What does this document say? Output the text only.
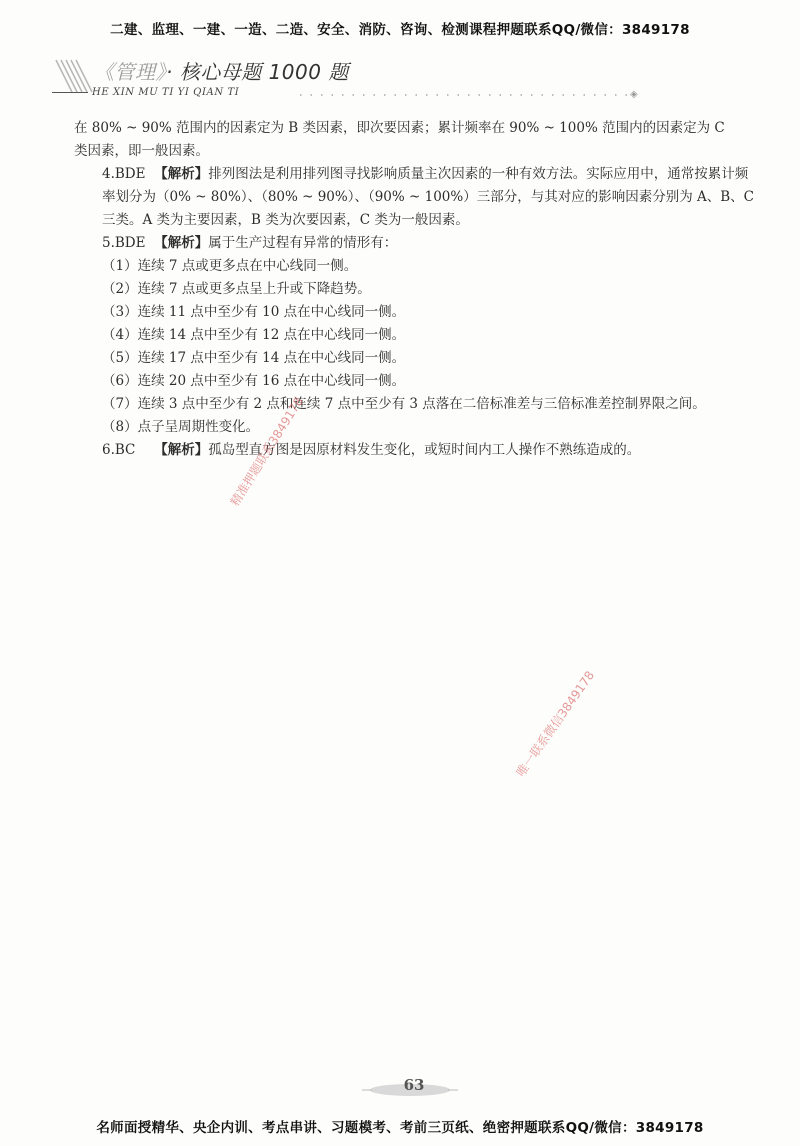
二建、监理、一建、一造、二造、安全、消防、咨询、检测课程押题联系QQ/微信：3849178
《管理》· 核心母题 1000 题
HE XIN MU TI YI QIAN TI	◈

在 80% ~ 90% 范围内的因素定为 B 类因素，即次要因素；累计频率在 90% ~ 100% 范围内的因素定为 C

类因素，即一般因素。

4.BDE 【解析】排列图法是利用排列图寻找影响质量主次因素的一种有效方法。实际应用中，通常按累计频率划分为（0% ~ 80%）、（80% ~ 90%）、（90% ~ 100%）三部分，与其对应的影响因素分别为 A、B、C 三类。A 类为主要因素，B 类为次要因素，C 类为一般因素。

5.BDE 【解析】属于生产过程有异常的情形有：

（1）连续 7 点或更多点在中心线同一侧。

（2）连续 7 点或更多点呈上升或下降趋势。

（3）连续 11 点中至少有 10 点在中心线同一侧。

（4）连续 14 点中至少有 12 点在中心线同一侧。

（5）连续 17 点中至少有 14 点在中心线同一侧。

（6）连续 20 点中至少有 16 点在中心线同一侧。

（7）连续 3 点中至少有 2 点和连续 7 点中至少有 3 点落在二倍标准差与三倍标准差控制界限之间。

（8）点子呈周期性变化。

6.BC 【解析】孤岛型直方图是因原材料发生变化，或短时间内工人操作不熟练造成的。

精准押题联系3849178
唯一联系微信3849178
63
名师面授精华、央企内训、考点串讲、习题模考、考前三页纸、绝密押题联系QQ/微信：3849178
